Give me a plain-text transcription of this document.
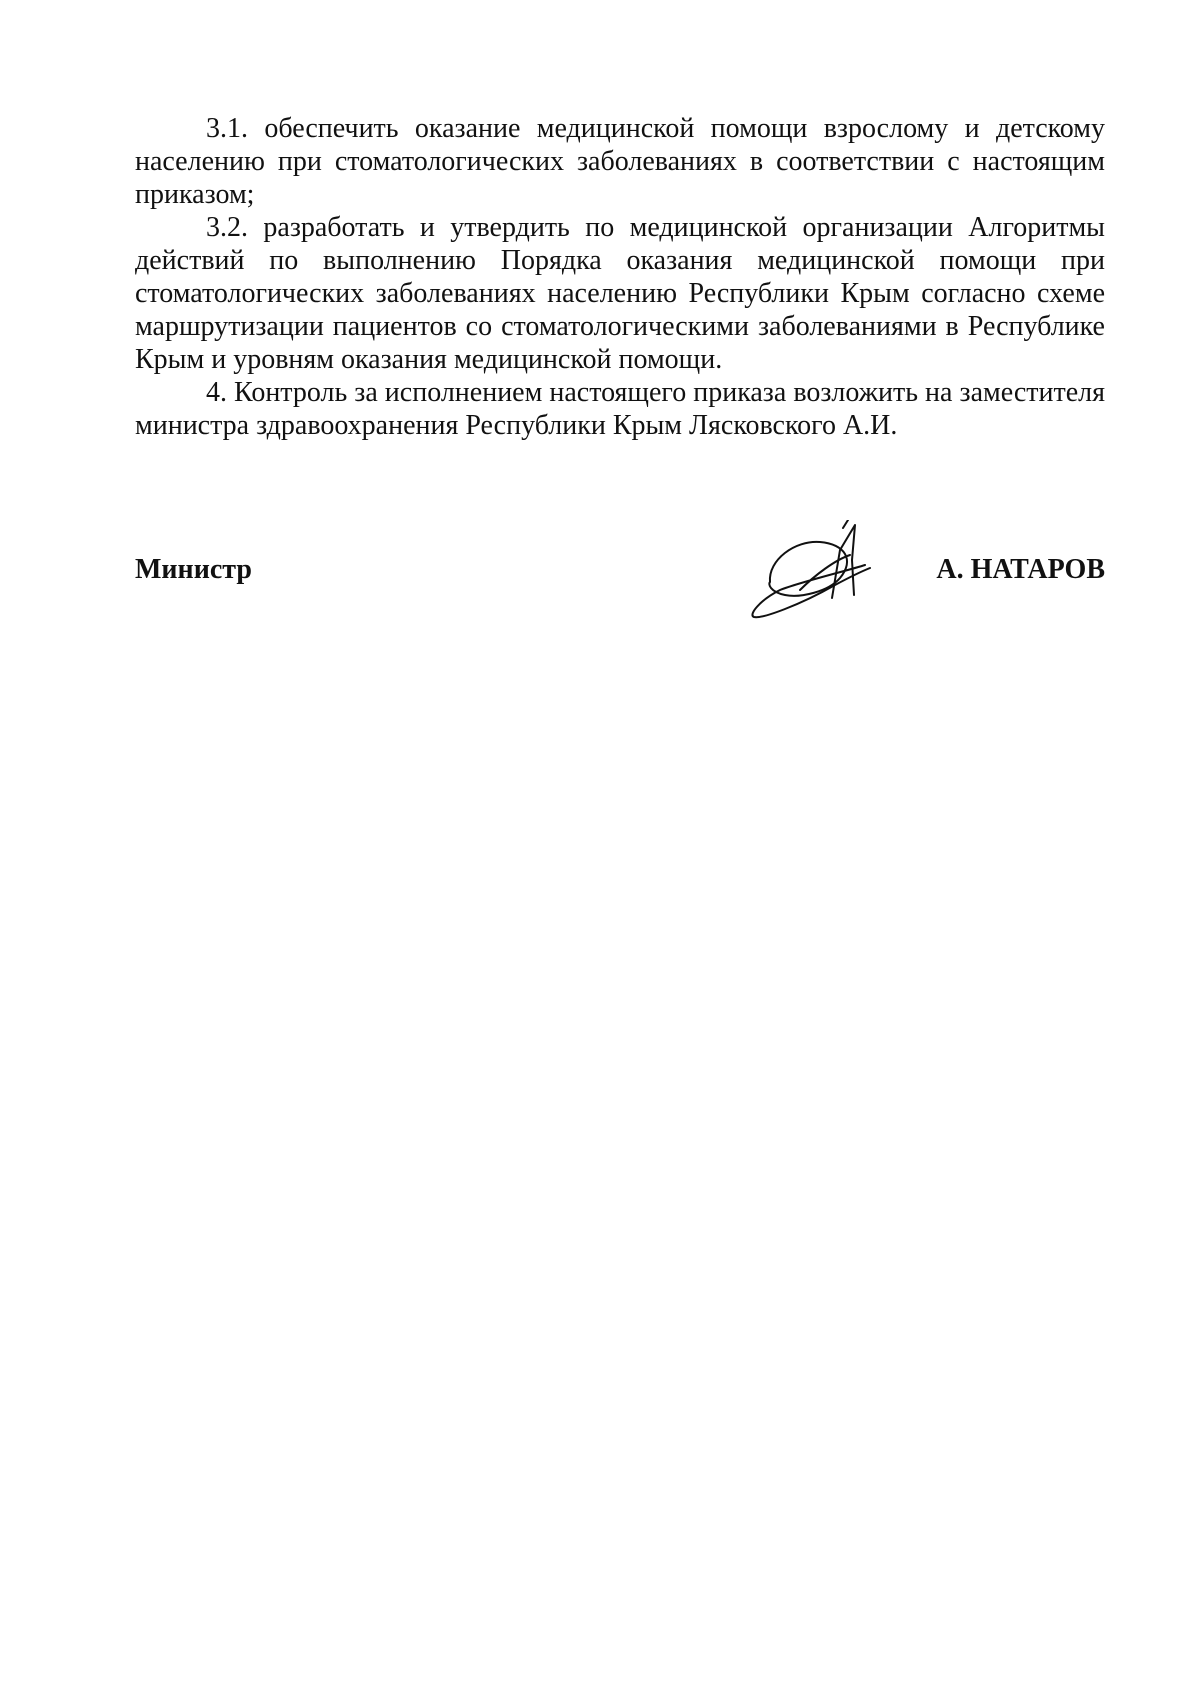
3.1. обеспечить оказание медицинской помощи взрослому и детскому населению при стоматологических заболеваниях в соответствии с настоящим приказом;

3.2. разработать и утвердить по медицинской организации Алгоритмы действий по выполнению Порядка оказания медицинской помощи при стоматологических заболеваниях населению Республики Крым согласно схеме маршрутизации пациентов со стоматологическими заболеваниями в Республике Крым и уровням оказания медицинской помощи.

4. Контроль за исполнением настоящего приказа возложить на заместителя министра здравоохранения Республики Крым Лясковского А.И.

Министр	А. НАТАРОВ
